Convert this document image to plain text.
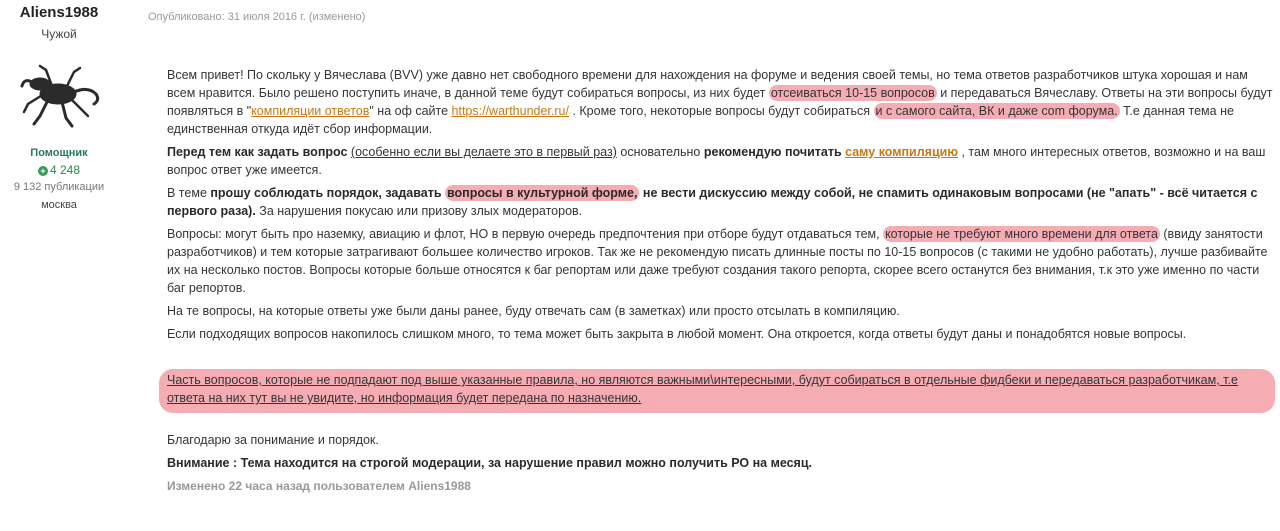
Aliens1988
Чужой
Помощник
+ 4 248
9 132 публикации
москва
Опубликовано: 31 июля 2016 г. (изменено)

Всем привет! По скольку у Вячеслава (BVV) уже давно нет свободного времени для нахождения на форуме и ведения своей темы, но тема ответов разработчиков штука хорошая и нам всем нравится. Было решено поступить иначе, в данной теме будут собираться вопросы, из них будет отсеиваться 10-15 вопросов и передаваться Вячеславу. Ответы на эти вопросы будут появляться в "компиляции ответов" на оф сайте https://warthunder.ru/ . Кроме того, некоторые вопросы будут собираться и с самого сайта, ВК и даже com форума. Т.е данная тема не единственная откуда идёт сбор информации.

Перед тем как задать вопрос (особенно если вы делаете это в первый раз) основательно рекомендую почитать саму компиляцию , там много интересных ответов, возможно и на ваш вопрос ответ уже имеется.

В теме прошу соблюдать порядок, задавать вопросы в культурной форме, не вести дискуссию между собой, не спамить одинаковым вопросами (не "апать" - всё читается с первого раза). За нарушения покусаю или призову злых модераторов.

Вопросы: могут быть про наземку, авиацию и флот, НО в первую очередь предпочтения при отборе будут отдаваться тем, которые не требуют много времени для ответа (ввиду занятости разработчиков) и тем которые затрагивают большее количество игроков. Так же не рекомендую писать длинные посты по 10-15 вопросов (с такими не удобно работать), лучше разбивайте их на несколько постов. Вопросы которые больше относятся к баг репортам или даже требуют создания такого репорта, скорее всего останутся без внимания, т.к это уже именно по части баг репортов.

На те вопросы, на которые ответы уже были даны ранее, буду отвечать сам (в заметках) или просто отсылать в компиляцию.

Если подходящих вопросов накопилось слишком много, то тема может быть закрыта в любой момент. Она откроется, когда ответы будут даны и понадобятся новые вопросы.

Часть вопросов, которые не подпадают под выше указанные правила, но являются важными\интересными, будут собираться в отдельные фидбеки и передаваться разработчикам, т.е ответа на них тут вы не увидите, но информация будет передана по назначению.

Благодарю за понимание и порядок.

Внимание : Тема находится на строгой модерации, за нарушение правил можно получить РО на месяц.

Изменено 22 часа назад пользователем Aliens1988
